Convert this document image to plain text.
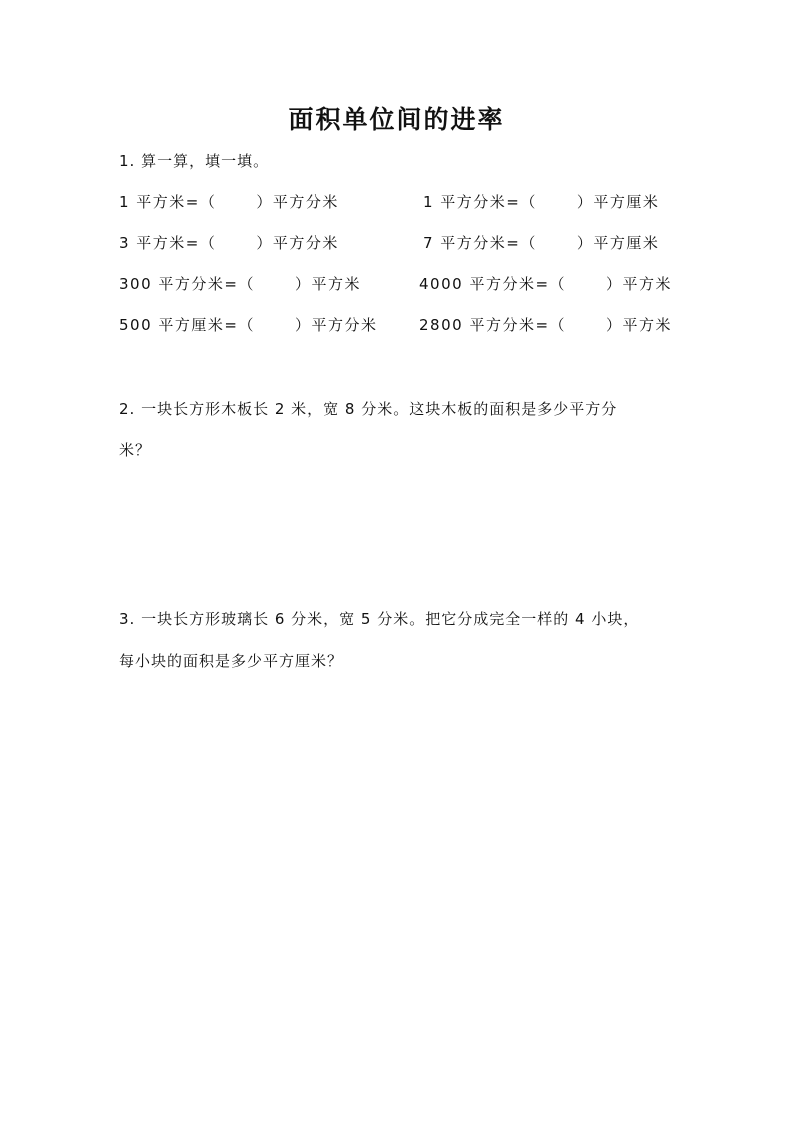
面积单位间的进率
1. 算一算，填一填。
1 平方米=（	）平方分米	1 平方分米=（	）平方厘米
3 平方米=（	）平方分米	7 平方分米=（	）平方厘米
300 平方分米=（	）平方米	4000 平方分米=（	）平方米
500 平方厘米=（	）平方分米	2800 平方分米=（	）平方米
2. 一块长方形木板长 2 米，宽 8 分米。这块木板的面积是多少平方分
米？
3. 一块长方形玻璃长 6 分米，宽 5 分米。把它分成完全一样的 4 小块，
每小块的面积是多少平方厘米？
